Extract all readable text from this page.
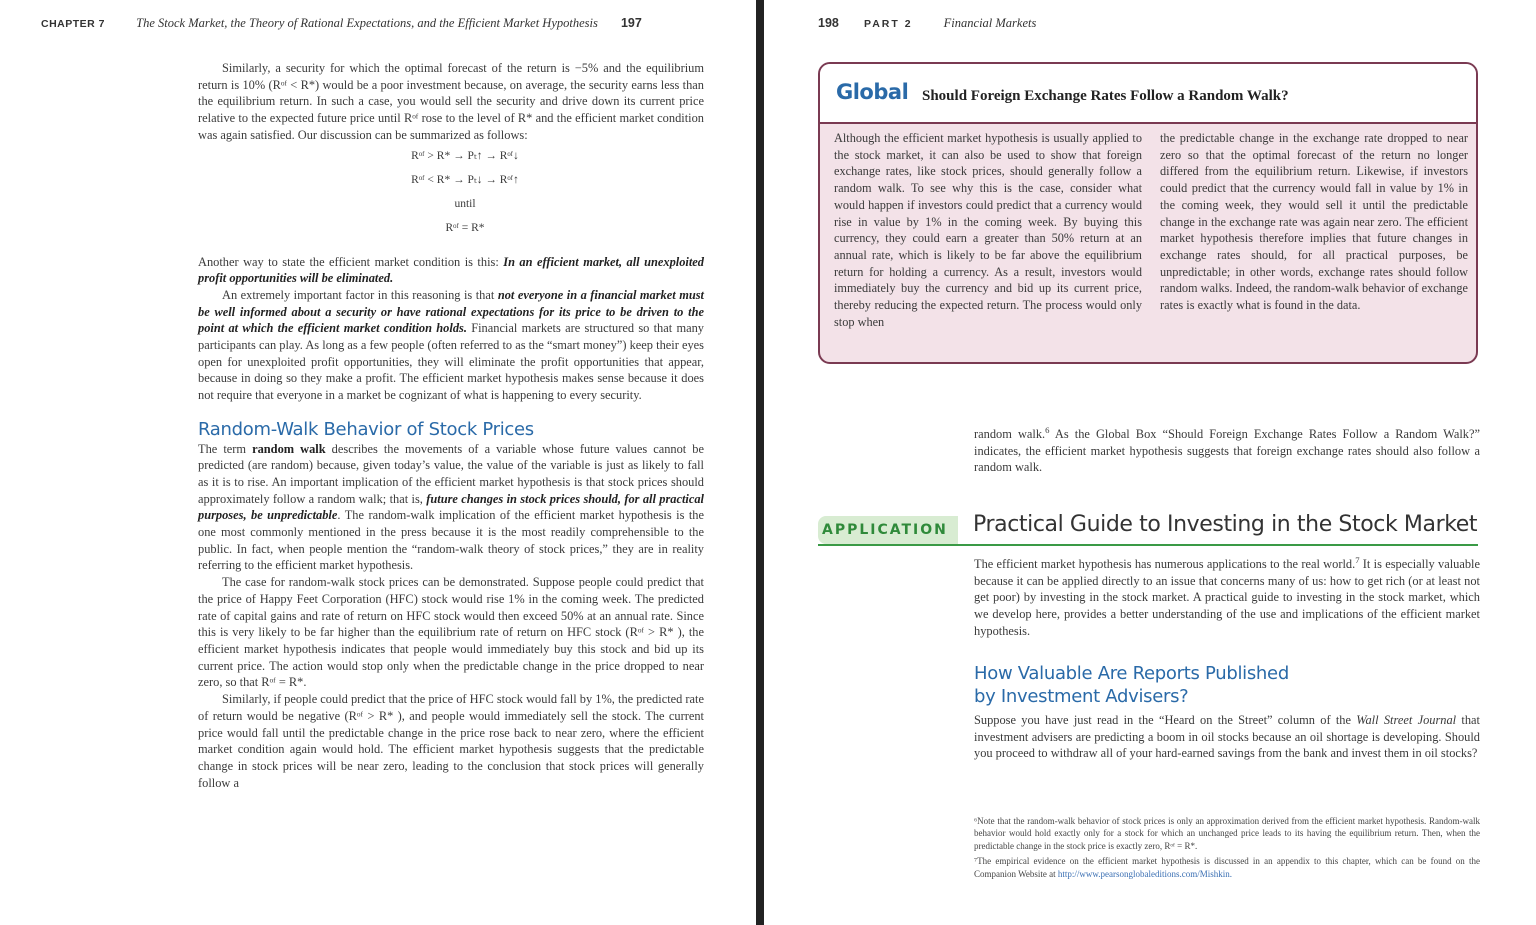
CHAPTER 7 The Stock Market, the Theory of Rational Expectations, and the Efficient Market Hypothesis 197

Similarly, a security for which the optimal forecast of the return is −5% and the equilibrium return is 10% (Rᵒᶠ < R*) would be a poor investment because, on average, the security earns less than the equilibrium return. In such a case, you would sell the security and drive down its current price relative to the expected future price until Rᵒᶠ rose to the level of R* and the efficient market condition was again satisfied. Our discussion can be summarized as follows:

Rᵒᶠ > R* → Pₜ↑ → Rᵒᶠ↓
Rᵒᶠ < R* → Pₜ↓ → Rᵒᶠ↑
until
Rᵒᶠ = R*

Another way to state the efficient market condition is this: In an efficient market, all unexploited profit opportunities will be eliminated.

An extremely important factor in this reasoning is that not everyone in a financial market must be well informed about a security or have rational expectations for its price to be driven to the point at which the efficient market condition holds. Financial markets are structured so that many participants can play. As long as a few people (often referred to as the “smart money”) keep their eyes open for unexploited profit opportunities, they will eliminate the profit opportunities that appear, because in doing so they make a profit. The efficient market hypothesis makes sense because it does not require that everyone in a market be cognizant of what is happening to every security.

Random-Walk Behavior of Stock Prices

The term random walk describes the movements of a variable whose future values cannot be predicted (are random) because, given today’s value, the value of the variable is just as likely to fall as it is to rise. An important implication of the efficient market hypothesis is that stock prices should approximately follow a random walk; that is, future changes in stock prices should, for all practical purposes, be unpredictable. The random-walk implication of the efficient market hypothesis is the one most commonly mentioned in the press because it is the most readily comprehensible to the public. In fact, when people mention the “random-walk theory of stock prices,” they are in reality referring to the efficient market hypothesis.

The case for random-walk stock prices can be demonstrated. Suppose people could predict that the price of Happy Feet Corporation (HFC) stock would rise 1% in the coming week. The predicted rate of capital gains and rate of return on HFC stock would then exceed 50% at an annual rate. Since this is very likely to be far higher than the equilibrium rate of return on HFC stock (Rᵒᶠ > R* ), the efficient market hypothesis indicates that people would immediately buy this stock and bid up its current price. The action would stop only when the predictable change in the price dropped to near zero, so that Rᵒᶠ = R*.

Similarly, if people could predict that the price of HFC stock would fall by 1%, the predicted rate of return would be negative (Rᵒᶠ > R* ), and people would immediately sell the stock. The current price would fall until the predictable change in the price rose back to near zero, where the efficient market condition again would hold. The efficient market hypothesis suggests that the predictable change in stock prices will be near zero, leading to the conclusion that stock prices will generally follow a

198 PART 2 Financial Markets
Global Should Foreign Exchange Rates Follow a Random Walk?

Although the efficient market hypothesis is usually applied to the stock market, it can also be used to show that foreign exchange rates, like stock prices, should generally follow a random walk. To see why this is the case, consider what would happen if investors could predict that a currency would rise in value by 1% in the coming week. By buying this currency, they could earn a greater than 50% return at an annual rate, which is likely to be far above the equilibrium return for holding a currency. As a result, investors would immediately buy the currency and bid up its current price, thereby reducing the expected return. The process would only stop when

the predictable change in the exchange rate dropped to near zero so that the optimal forecast of the return no longer differed from the equilibrium return. Likewise, if investors could predict that the currency would fall in value by 1% in the coming week, they would sell it until the predictable change in the exchange rate was again near zero. The efficient market hypothesis therefore implies that future changes in exchange rates should, for all practical purposes, be unpredictable; in other words, exchange rates should follow random walks. Indeed, the random-walk behavior of exchange rates is exactly what is found in the data.

random walk.$^6$ As the Global Box “Should Foreign Exchange Rates Follow a Random Walk?” indicates, the efficient market hypothesis suggests that foreign exchange rates should also follow a random walk.

APPLICATION Practical Guide to Investing in the Stock Market

The efficient market hypothesis has numerous applications to the real world.$^7$ It is especially valuable because it can be applied directly to an issue that concerns many of us: how to get rich (or at least not get poor) by investing in the stock market. A practical guide to investing in the stock market, which we develop here, provides a better understanding of the use and implications of the efficient market hypothesis.

How Valuable Are Reports Published
by Investment Advisers?

Suppose you have just read in the “Heard on the Street” column of the Wall Street Journal that investment advisers are predicting a boom in oil stocks because an oil shortage is developing. Should you proceed to withdraw all of your hard-earned savings from the bank and invest them in oil stocks?

⁶Note that the random-walk behavior of stock prices is only an approximation derived from the efficient market hypothesis. Random-walk behavior would hold exactly only for a stock for which an unchanged price leads to its having the equilibrium return. Then, when the predictable change in the stock price is exactly zero, Rᵒᶠ = R*.

⁷The empirical evidence on the efficient market hypothesis is discussed in an appendix to this chapter, which can be found on the Companion Website at http://www.pearsonglobaleditions.com/Mishkin.
